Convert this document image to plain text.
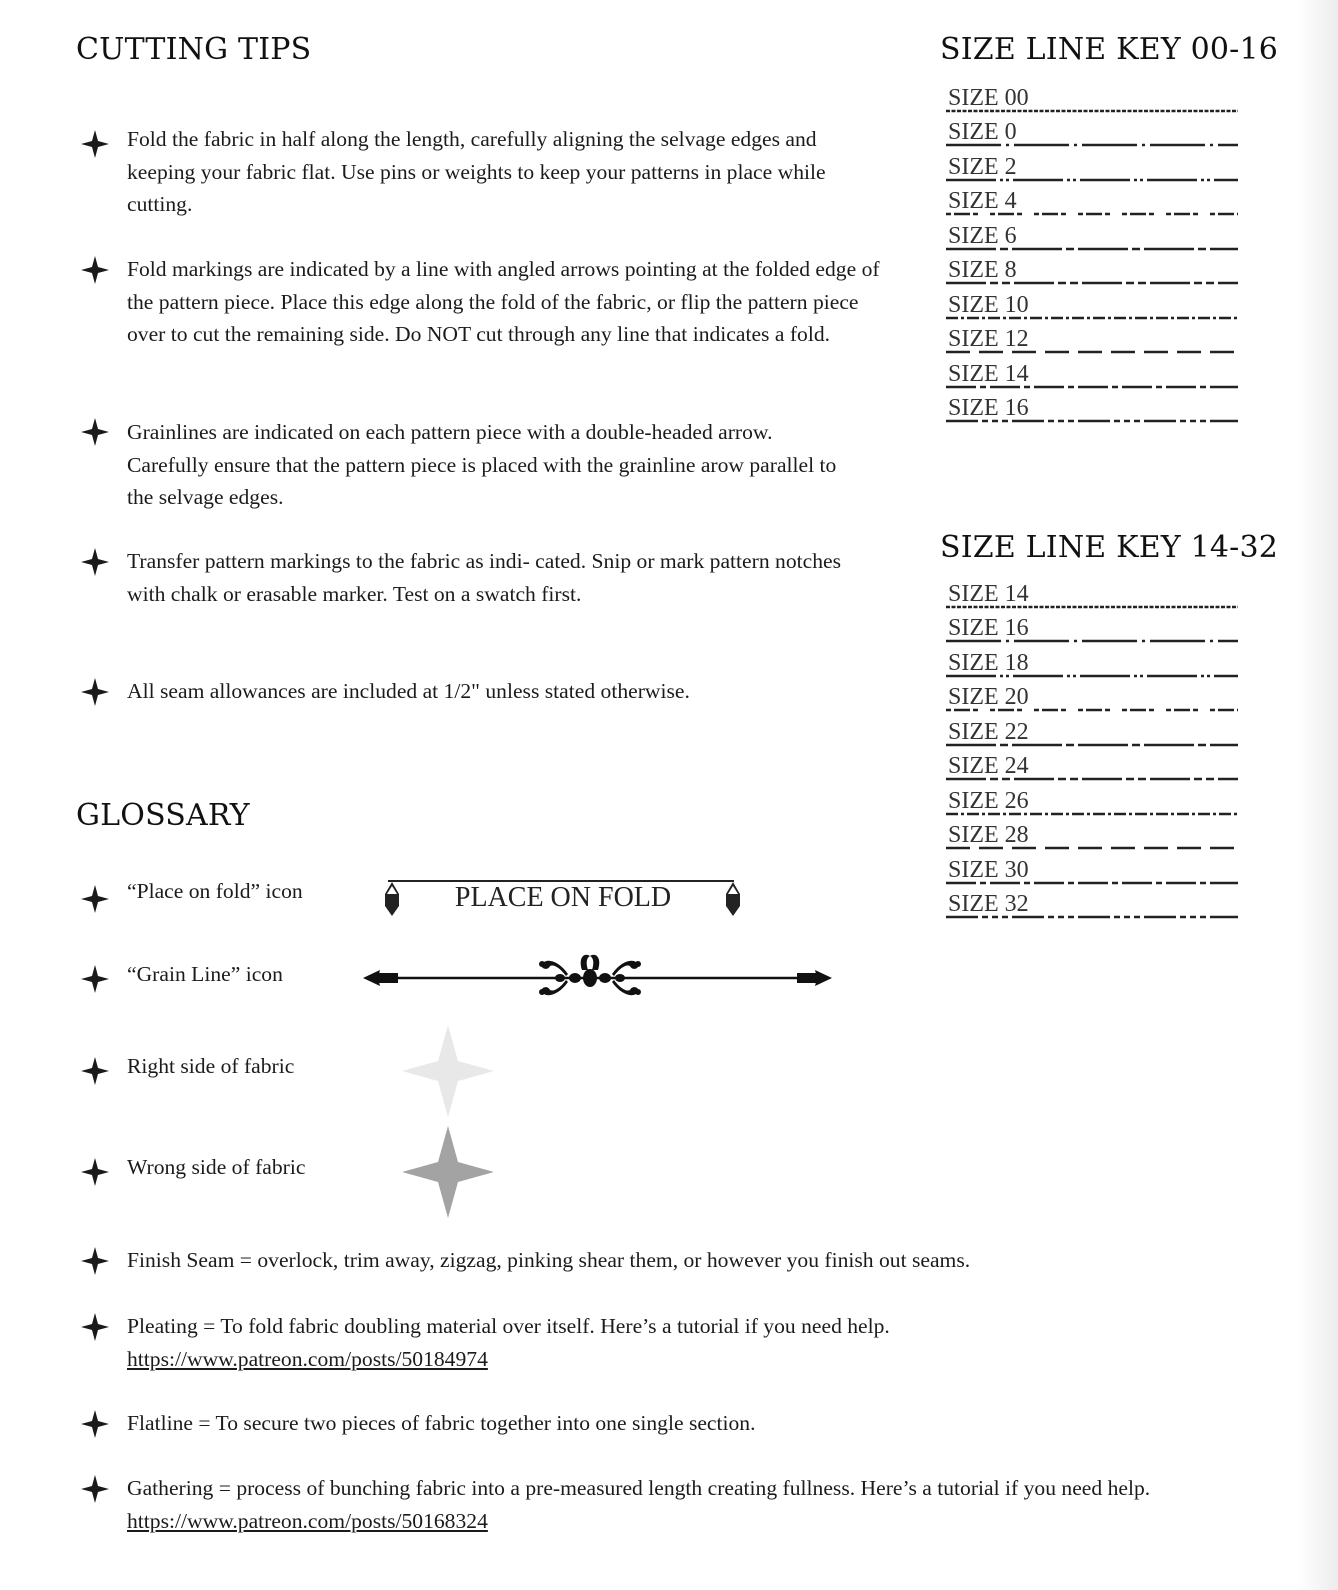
CUTTING TIPS

Fold the fabric in half along the length, carefully aligning the selvage edges and keeping your fabric flat. Use pins or weights to keep your patterns in place while cutting.

Fold markings are indicated by a line with angled arrows pointing at the folded edge of the pattern piece. Place this edge along the fold of the fabric, or flip the pattern piece over to cut the remaining side. Do NOT cut through any line that indicates a fold.

Grainlines are indicated on each pattern piece with a double-headed arrow. Carefully ensure that the pattern piece is placed with the grainline arow parallel to the selvage edges.

Transfer pattern markings to the fabric as indi- cated. Snip or mark pattern notches with chalk or erasable marker. Test on a swatch first.

All seam allowances are included at 1/2" unless stated otherwise.

SIZE LINE KEY 00-16
SIZE 00
SIZE 0
SIZE 2
SIZE 4
SIZE 6
SIZE 8
SIZE 10
SIZE 12
SIZE 14
SIZE 16
SIZE LINE KEY 14-32
SIZE 14
SIZE 16
SIZE 18
SIZE 20
SIZE 22
SIZE 24
SIZE 26
SIZE 28
SIZE 30
SIZE 32
GLOSSARY

“Place on fold” icon	PLACE ON FOLD

“Grain Line” icon

Right side of fabric

Wrong side of fabric

Finish Seam = overlock, trim away, zigzag, pinking shear them, or however you finish out seams.

Pleating = To fold fabric doubling material over itself. Here’s a tutorial if you need help.
https://www.patreon.com/posts/50184974

Flatline = To secure two pieces of fabric together into one single section.

Gathering = process of bunching fabric into a pre-measured length creating fullness. Here’s a tutorial if you need help. https://www.patreon.com/posts/50168324
